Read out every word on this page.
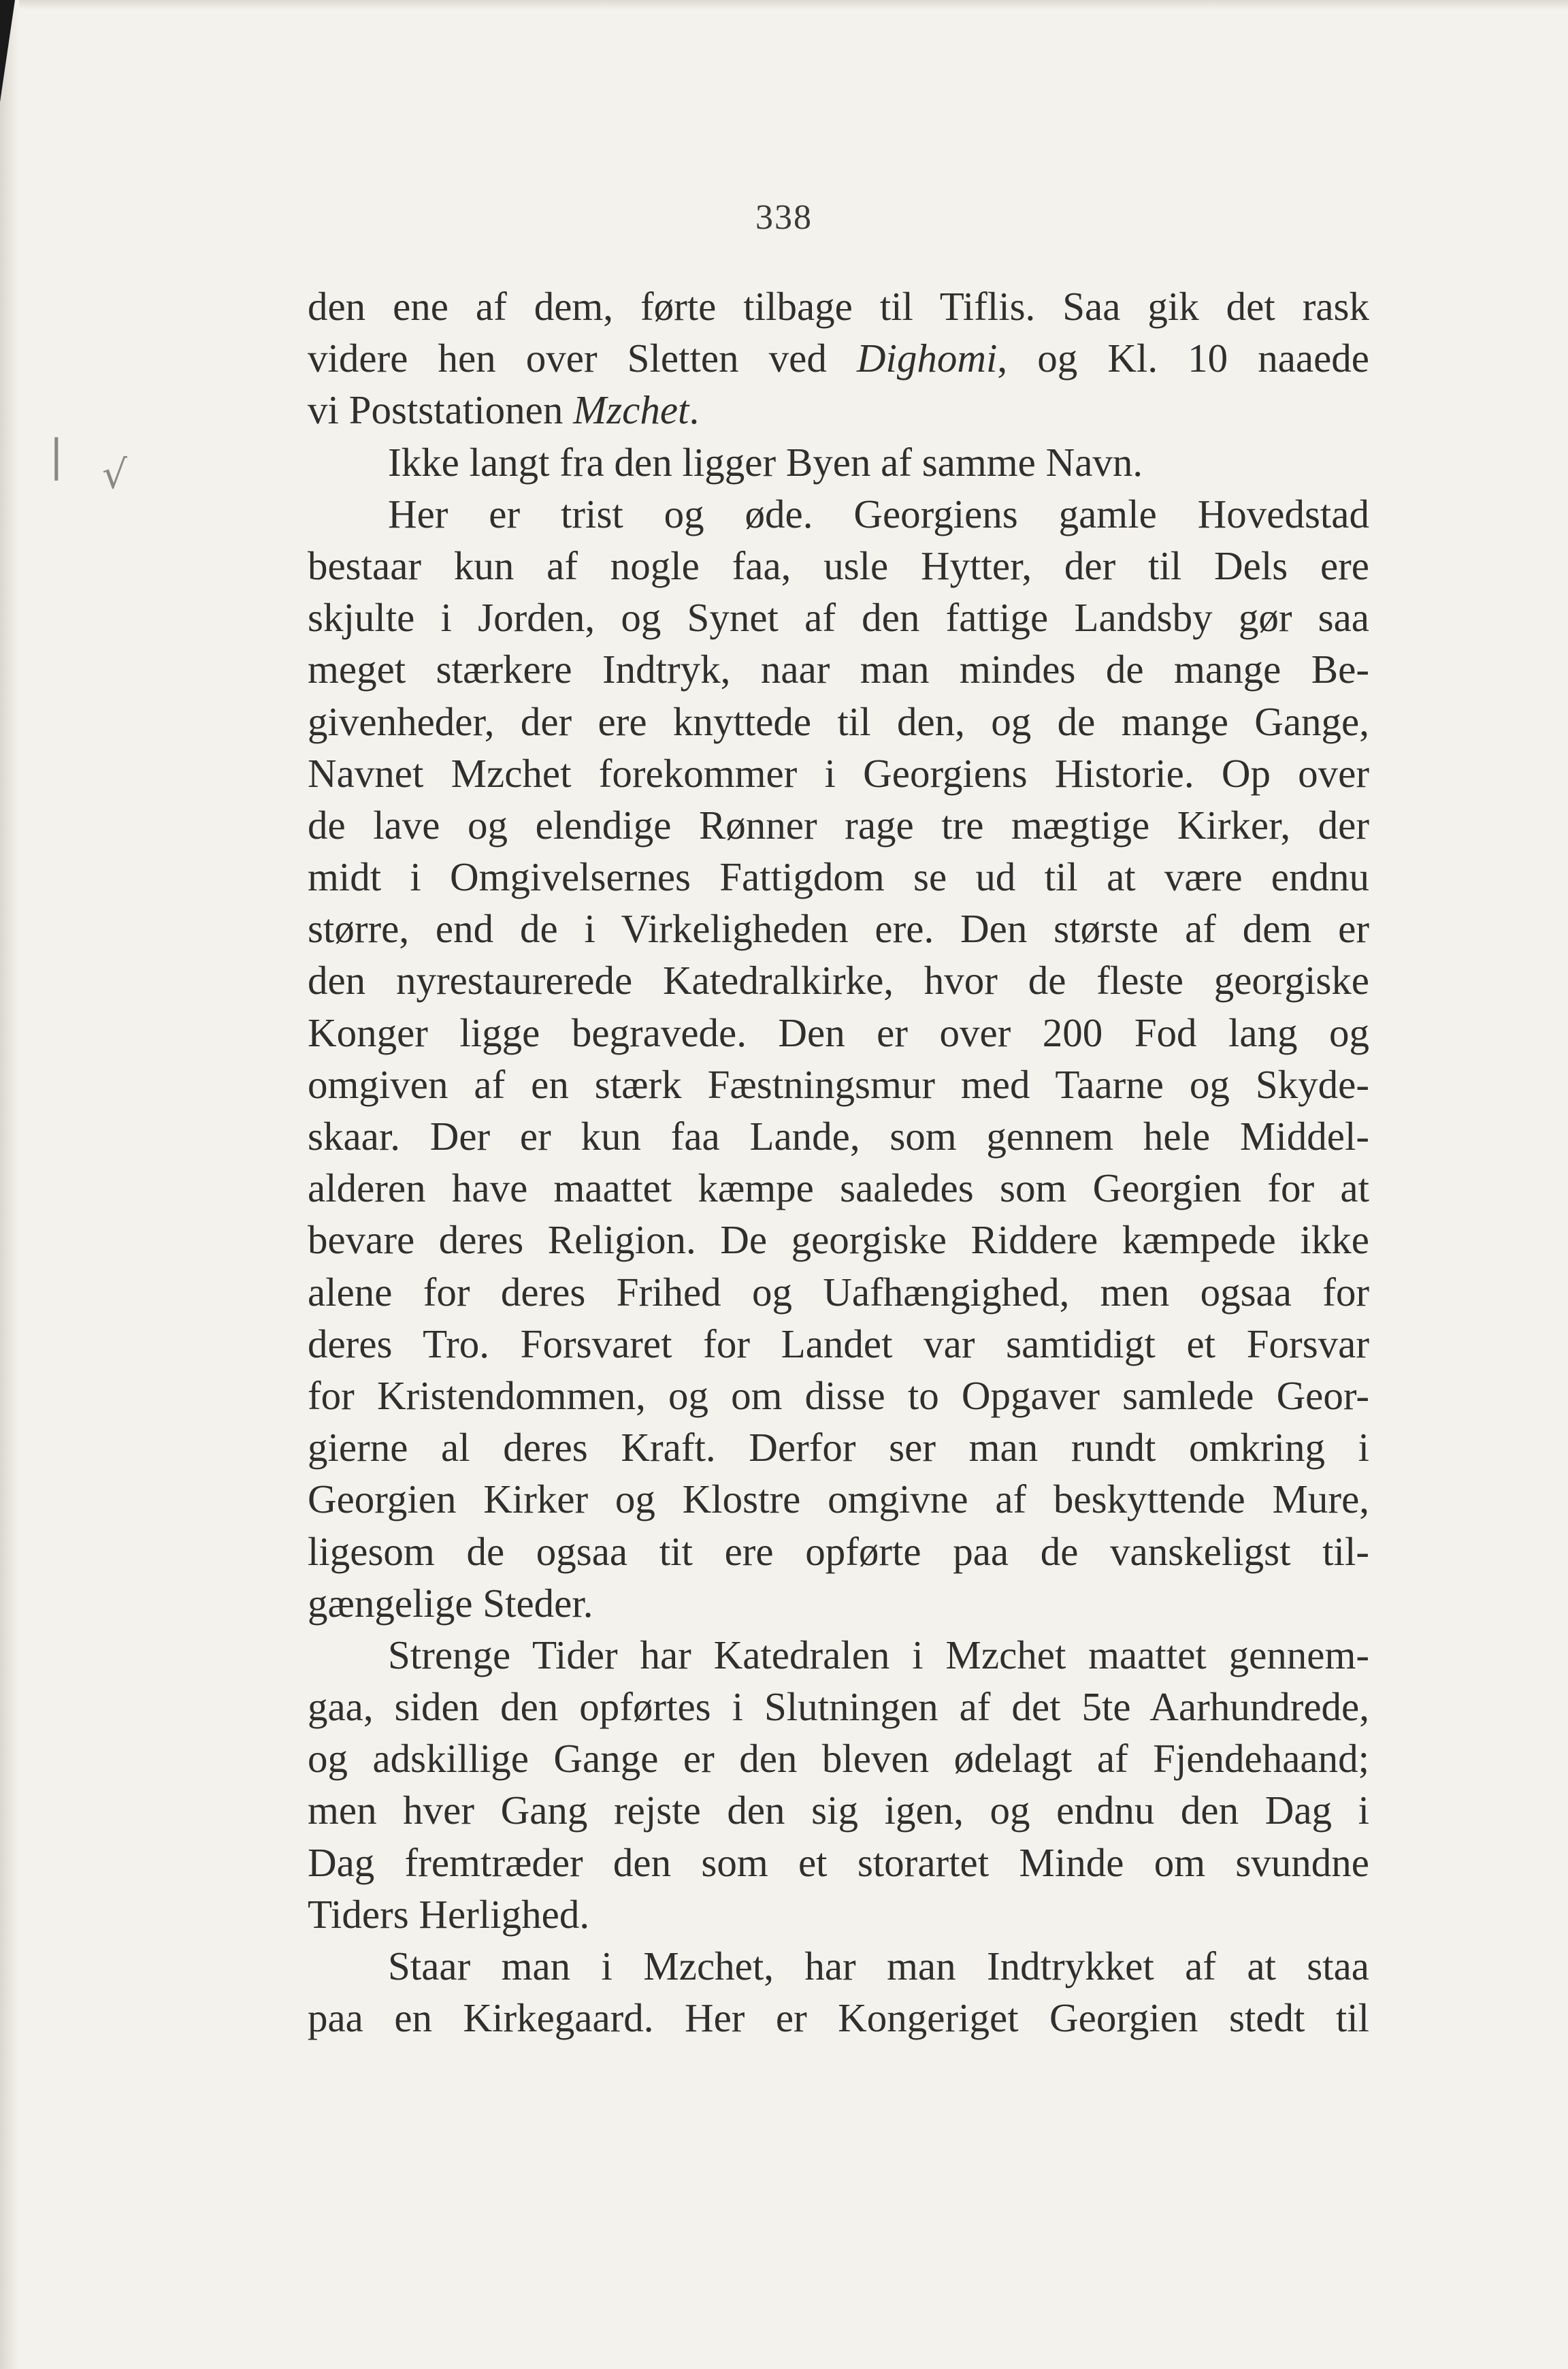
| √
338
den ene af dem, førte tilbage til Tiflis. Saa gik det rask
videre hen over Sletten ved Dighomi, og Kl. 10 naaede
vi Poststationen Mzchet.
Ikke langt fra den ligger Byen af samme Navn.
Her er trist og øde. Georgiens gamle Hovedstad
bestaar kun af nogle faa, usle Hytter, der til Dels ere
skjulte i Jorden, og Synet af den fattige Landsby gør saa
meget stærkere Indtryk, naar man mindes de mange Be-
givenheder, der ere knyttede til den, og de mange Gange,
Navnet Mzchet forekommer i Georgiens Historie. Op over
de lave og elendige Rønner rage tre mægtige Kirker, der
midt i Omgivelsernes Fattigdom se ud til at være endnu
større, end de i Virkeligheden ere. Den største af dem er
den nyrestaurerede Katedralkirke, hvor de fleste georgiske
Konger ligge begravede. Den er over 200 Fod lang og
omgiven af en stærk Fæstningsmur med Taarne og Skyde-
skaar. Der er kun faa Lande, som gennem hele Middel-
alderen have maattet kæmpe saaledes som Georgien for at
bevare deres Religion. De georgiske Riddere kæmpede ikke
alene for deres Frihed og Uafhængighed, men ogsaa for
deres Tro. Forsvaret for Landet var samtidigt et Forsvar
for Kristendommen, og om disse to Opgaver samlede Geor-
gierne al deres Kraft. Derfor ser man rundt omkring i
Georgien Kirker og Klostre omgivne af beskyttende Mure,
ligesom de ogsaa tit ere opførte paa de vanskeligst til-
gængelige Steder.
Strenge Tider har Katedralen i Mzchet maattet gennem-
gaa, siden den opførtes i Slutningen af det 5te Aarhundrede,
og adskillige Gange er den bleven ødelagt af Fjendehaand;
men hver Gang rejste den sig igen, og endnu den Dag i
Dag fremtræder den som et storartet Minde om svundne
Tiders Herlighed.
Staar man i Mzchet, har man Indtrykket af at staa
paa en Kirkegaard. Her er Kongeriget Georgien stedt til
